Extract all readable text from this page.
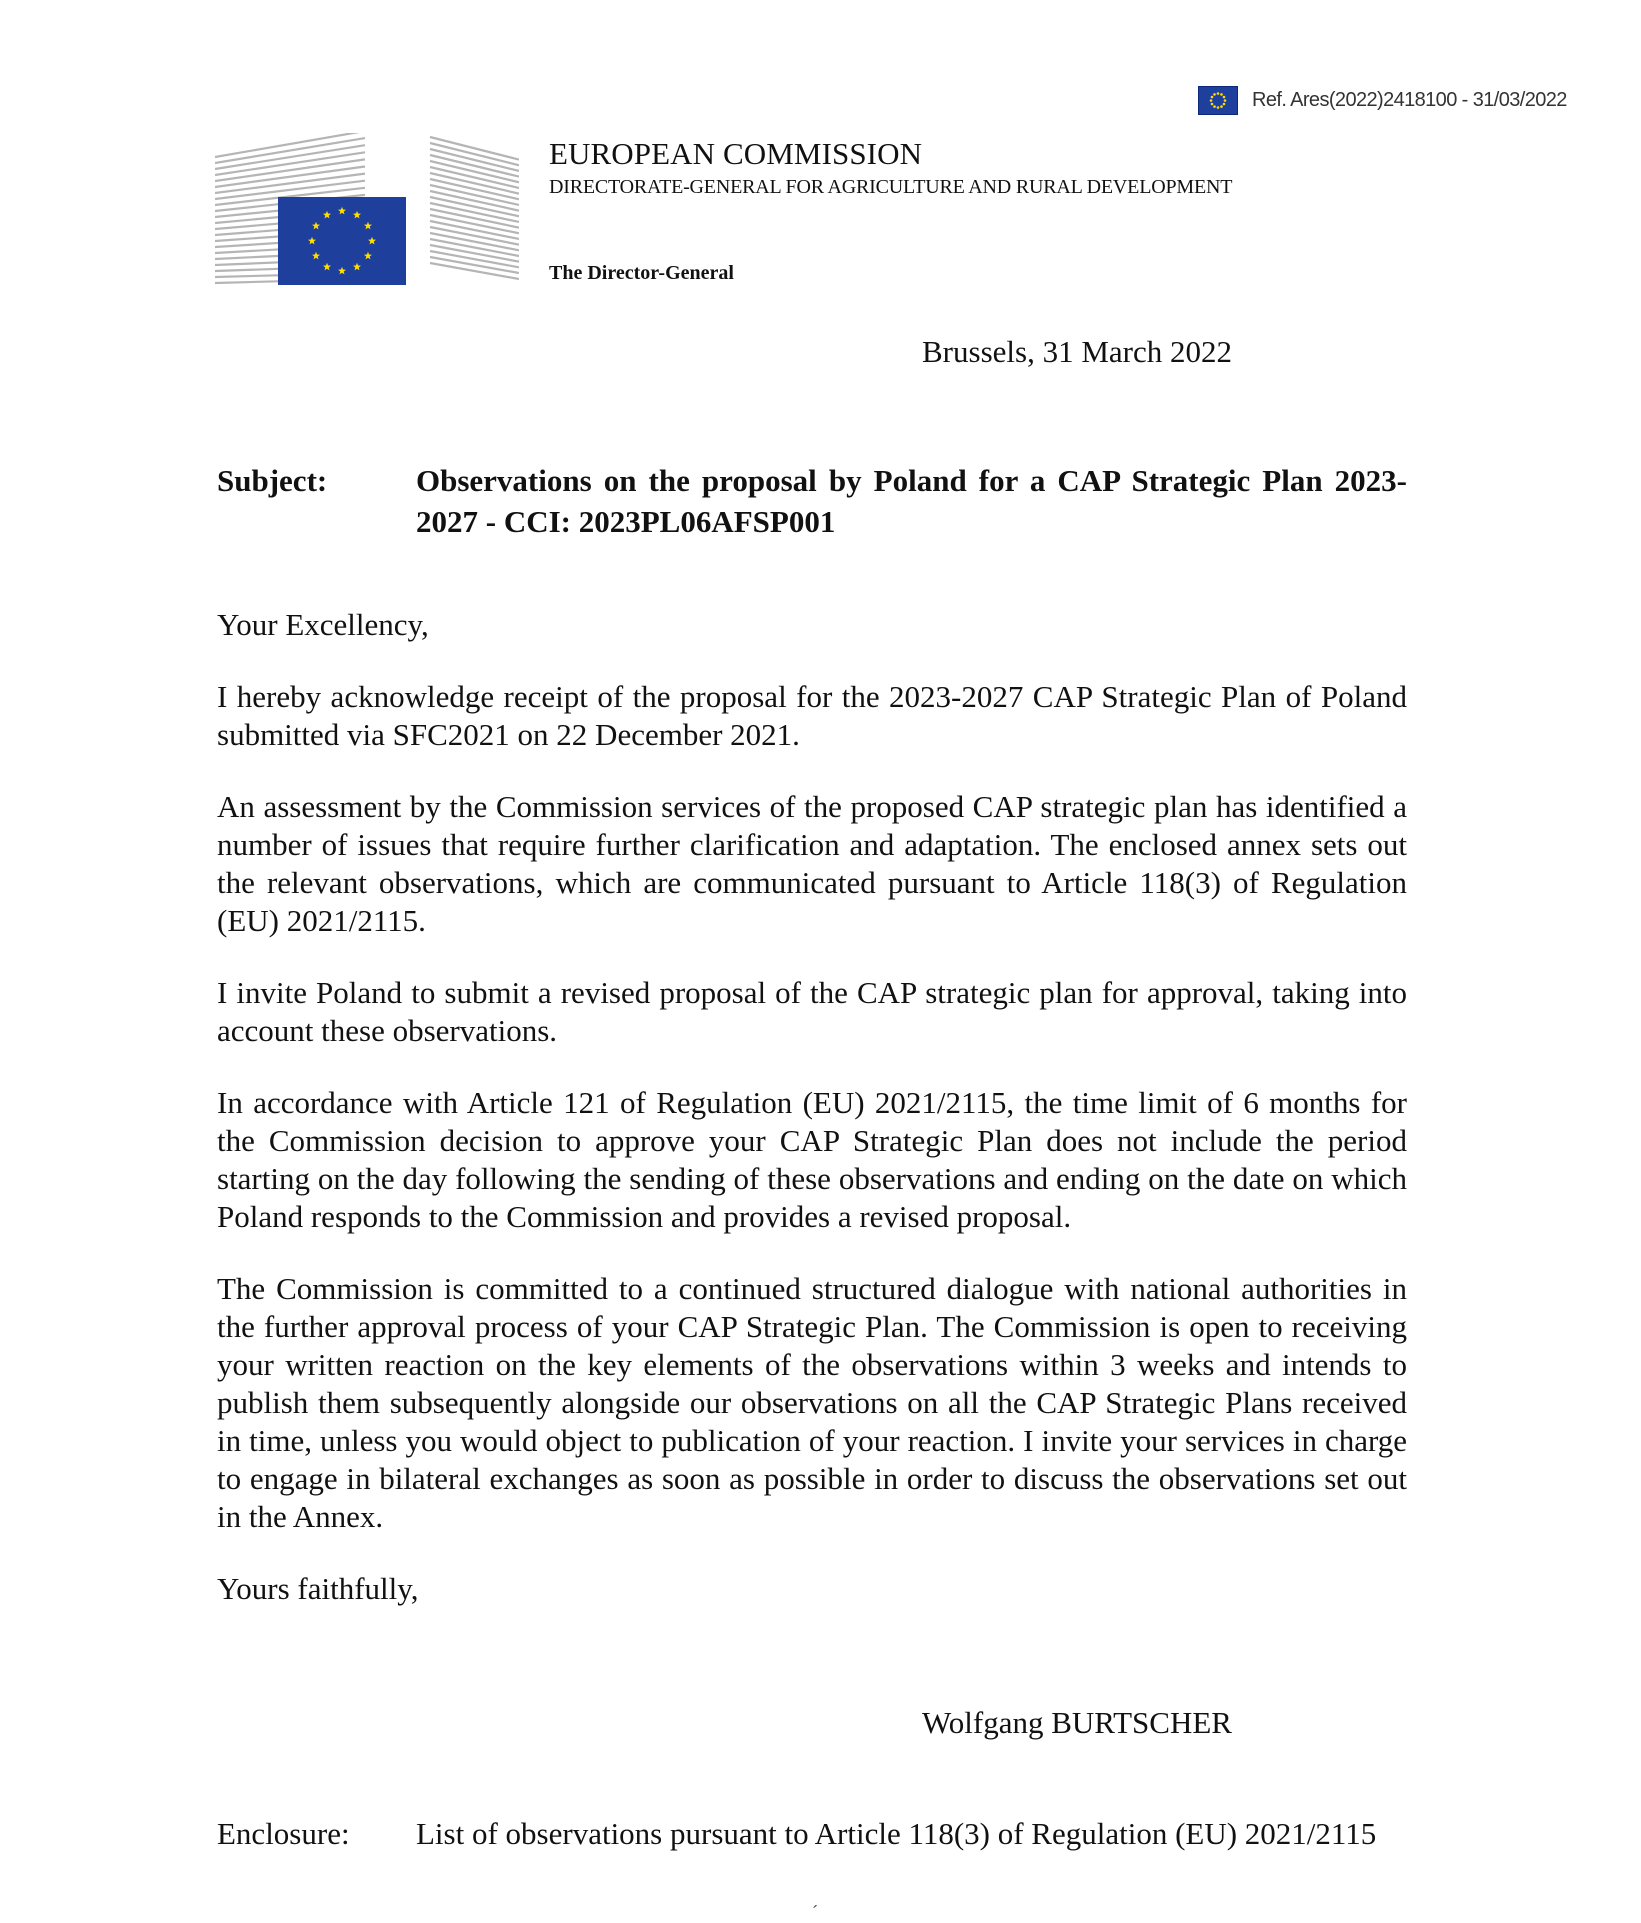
Ref. Ares(2022)2418100 - 31/03/2022
EUROPEAN COMMISSION
DIRECTORATE-GENERAL FOR AGRICULTURE AND RURAL DEVELOPMENT
The Director-General
Brussels, 31 March 2022
Subject:	Observations on the proposal by Poland for a CAP Strategic Plan 2023-2027 - CCI: 2023PL06AFSP001

Your Excellency,

I hereby acknowledge receipt of the proposal for the 2023-2027 CAP Strategic Plan of Poland submitted via SFC2021 on 22 December 2021.

An assessment by the Commission services of the proposed CAP strategic plan has identified a number of issues that require further clarification and adaptation. The enclosed annex sets out the relevant observations, which are communicated pursuant to Article 118(3) of Regulation (EU) 2021/2115.

I invite Poland to submit a revised proposal of the CAP strategic plan for approval, taking into account these observations.

In accordance with Article 121 of Regulation (EU) 2021/2115, the time limit of 6 months for the Commission decision to approve your CAP Strategic Plan does not include the period starting on the day following the sending of these observations and ending on the date on which Poland responds to the Commission and provides a revised proposal.

The Commission is committed to a continued structured dialogue with national authorities in the further approval process of your CAP Strategic Plan. The Commission is open to receiving your written reaction on the key elements of the observations within 3 weeks and intends to publish them subsequently alongside our observations on all the CAP Strategic Plans received in time, unless you would object to publication of your reaction. I invite your services in charge to engage in bilateral exchanges as soon as possible in order to discuss the observations set out in the Annex.

Yours faithfully,

Wolfgang BURTSCHER
Enclosure: List of observations pursuant to Article 118(3) of Regulation (EU) 2021/2115
´
